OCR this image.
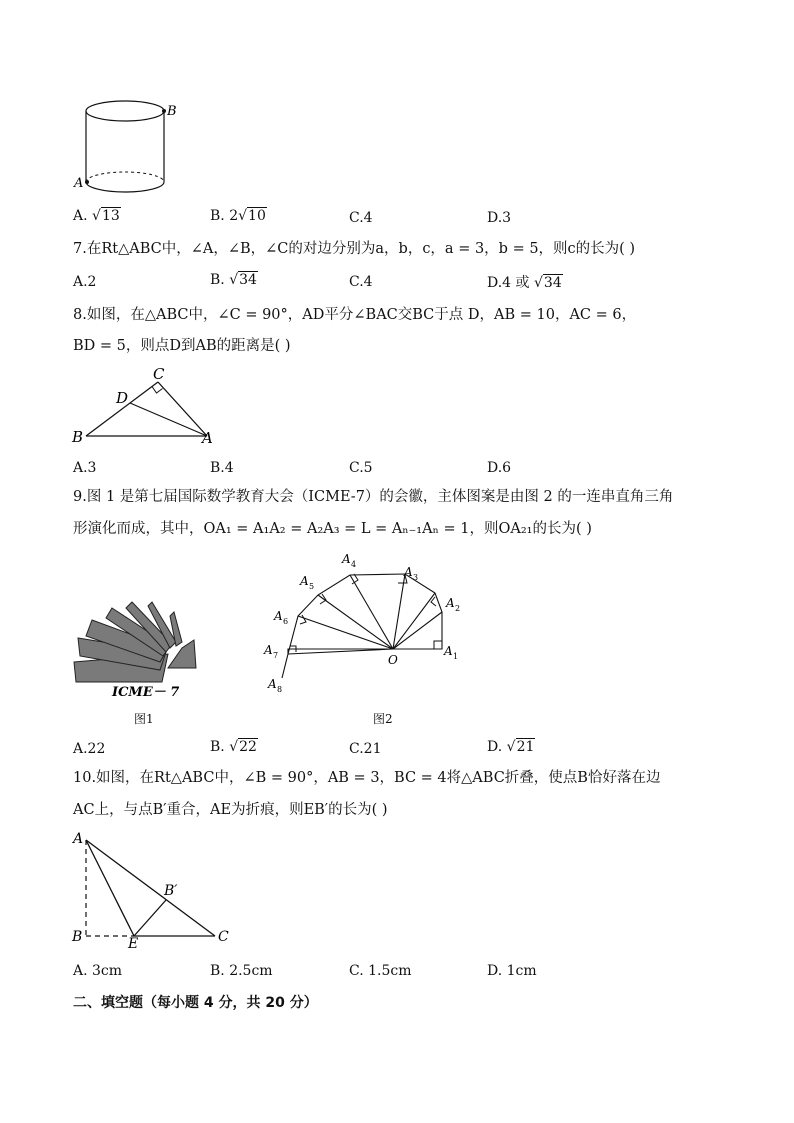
B
A
A. √13	B. 2√10	C.4	D.3
7.在Rt△ABC中，∠A，∠B，∠C的对边分别为a，b，c，a = 3，b = 5，则c的长为( )
A.2	B. √34	C.4	D.4 或 √34
8.如图，在△ABC中，∠C = 90°，AD平分∠BAC交BC于点 D，AB = 10，AC = 6，
BD = 5，则点D到AB的距离是( )
C
D
B	A
A.3	B.4	C.5	D.6
9.图 1 是第七届国际数学教育大会（ICME-7）的会徽，主体图案是由图 2 的一连串直角三角
形演化而成，其中，OA₁ = A₁A₂ = A₂A₃ = L = Aₙ₋₁Aₙ = 1，则OA₂₁的长为( )
ICME－ 7
图1
O
A 1
A 2
A 3
A 4
A 5
A 6
A 7
A 8
图2
A.22	B. √22	C.21	D. √21
10.如图，在Rt△ABC中，∠B = 90°，AB = 3，BC = 4将△ABC折叠，使点B恰好落在边
AC上，与点B′重合，AE为折痕，则EB′的长为( )
A
B	E	C
B′
A. 3cm	B. 2.5cm	C. 1.5cm	D. 1cm
二、填空题（每小题 4 分，共 20 分）
